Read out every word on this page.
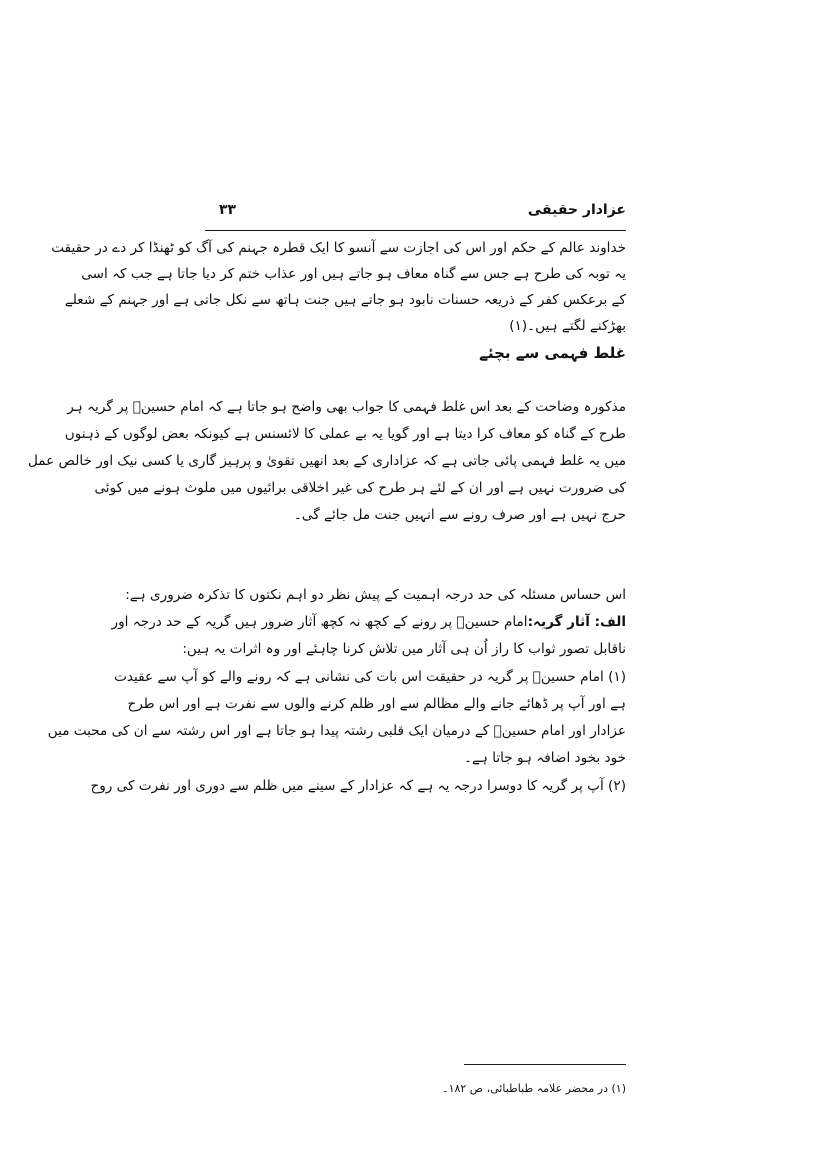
عزادار حقیقی
۳۳
خداوند عالم کے حکم اور اس کی اجازت سے آنسو کا ایک قطرہ جہنم کی آگ کو ٹھنڈا کر دے در حقیقت
یہ توبہ کی طرح ہے جس سے گناہ معاف ہو جاتے ہیں اور عذاب ختم کر دیا جاتا ہے جب کہ اسی
کے برعکس کفر کے ذریعہ حسنات نابود ہو جاتے ہیں جنت ہاتھ سے نکل جاتی ہے اور جہنم کے شعلے
بھڑکنے لگتے ہیں۔(۱)
غلط فہمی سے بچئے
مذکورہ وضاحت کے بعد اس غلط فہمی کا جواب بھی واضح ہو جاتا ہے کہ امام حسینؑ پر گریہ ہر
طرح کے گناہ کو معاف کرا دیتا ہے اور گویا یہ بے عملی کا لائسنس ہے کیونکہ بعض لوگوں کے ذہنوں
میں یہ غلط فہمی پائی جاتی ہے کہ عزاداری کے بعد انھیں تقویٰ و پرہیز گاری یا کسی نیک اور خالص عمل
کی ضرورت نہیں ہے اور ان کے لئے ہر طرح کی غیر اخلاقی برائیوں میں ملوث ہونے میں کوئی
حرج نہیں ہے اور صرف رونے سے انہیں جنت مل جائے گی۔
اس حساس مسئلہ کی حد درجہ اہمیت کے پیش نظر دو اہم نکتوں کا تذکرہ ضروری ہے:
الف: آثار گریہ:امام حسینؑ پر رونے کے کچھ نہ کچھ آثار ضرور ہیں گریہ کے حد درجہ اور
ناقابل تصور ثواب کا راز اُن ہی آثار میں تلاش کرنا چاہئے اور وہ اثرات یہ ہیں:
(۱) امام حسینؑ پر گریہ در حقیقت اس بات کی نشانی ہے کہ رونے والے کو آپ سے عقیدت
ہے اور آپ پر ڈھائے جانے والے مظالم سے اور ظلم کرنے والوں سے نفرت ہے اور اس طرح
عزادار اور امام حسینؑ کے درمیان ایک قلبی رشتہ پیدا ہو جاتا ہے اور اس رشتہ سے ان کی محبت میں
خود بخود اضافہ ہو جاتا ہے۔
(۲) آپ پر گریہ کا دوسرا درجہ یہ ہے کہ عزادار کے سینے میں ظلم سے دوری اور نفرت کی روح
(۱) در محضر علامہ طباطبائی، ص ۱۸۲۔
